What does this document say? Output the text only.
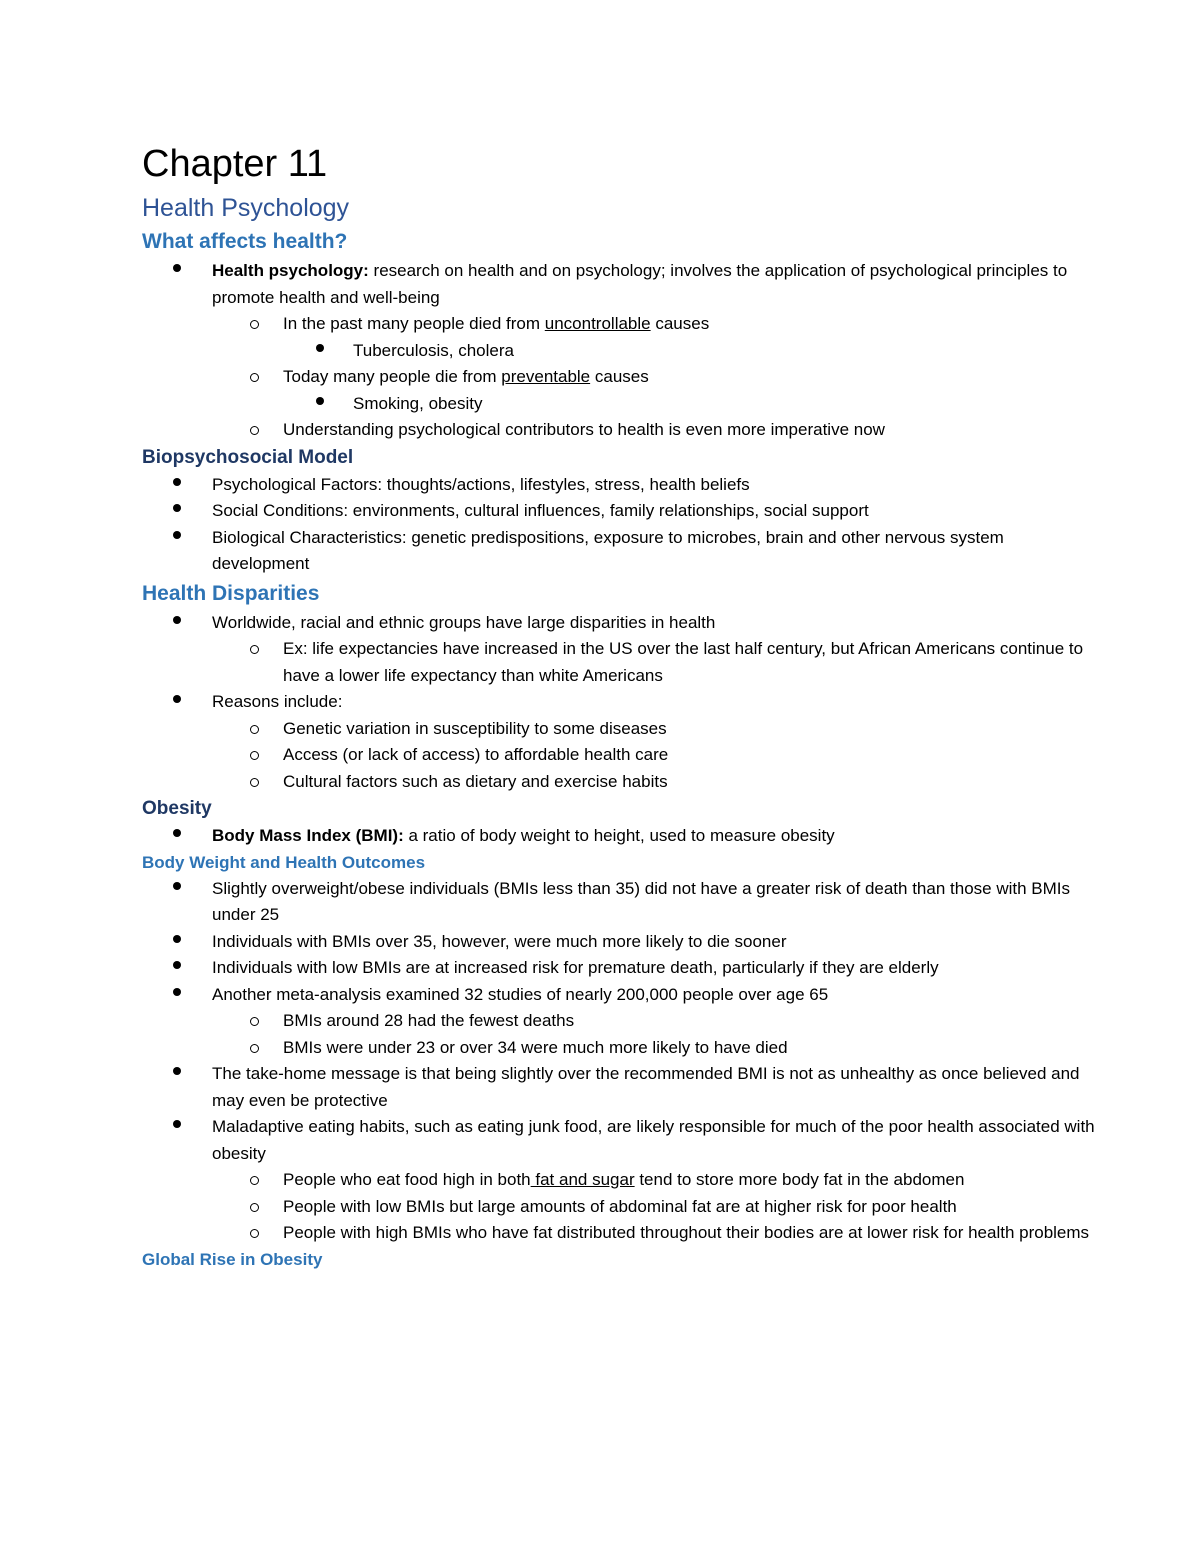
Chapter 11
Health Psychology
What affects health?
Health psychology: research on health and on psychology; involves the application of psychological principles to promote health and well-being
In the past many people died from uncontrollable causes
Tuberculosis, cholera
Today many people die from preventable causes
Smoking, obesity
Understanding psychological contributors to health is even more imperative now
Biopsychosocial Model
Psychological Factors: thoughts/actions, lifestyles, stress, health beliefs
Social Conditions: environments, cultural influences, family relationships, social support
Biological Characteristics: genetic predispositions, exposure to microbes, brain and other nervous system development
Health Disparities
Worldwide, racial and ethnic groups have large disparities in health
Ex: life expectancies have increased in the US over the last half century, but African Americans continue to have a lower life expectancy than white Americans
Reasons include:
Genetic variation in susceptibility to some diseases
Access (or lack of access) to affordable health care
Cultural factors such as dietary and exercise habits
Obesity
Body Mass Index (BMI): a ratio of body weight to height, used to measure obesity
Body Weight and Health Outcomes
Slightly overweight/obese individuals (BMIs less than 35) did not have a greater risk of death than those with BMIs under 25
Individuals with BMIs over 35, however, were much more likely to die sooner
Individuals with low BMIs are at increased risk for premature death, particularly if they are elderly
Another meta-analysis examined 32 studies of nearly 200,000 people over age 65
BMIs around 28 had the fewest deaths
BMIs were under 23 or over 34 were much more likely to have died
The take-home message is that being slightly over the recommended BMI is not as unhealthy as once believed and may even be protective
Maladaptive eating habits, such as eating junk food, are likely responsible for much of the poor health associated with obesity
People who eat food high in both fat and sugar tend to store more body fat in the abdomen
People with low BMIs but large amounts of abdominal fat are at higher risk for poor health
People with high BMIs who have fat distributed throughout their bodies are at lower risk for health problems
Global Rise in Obesity
